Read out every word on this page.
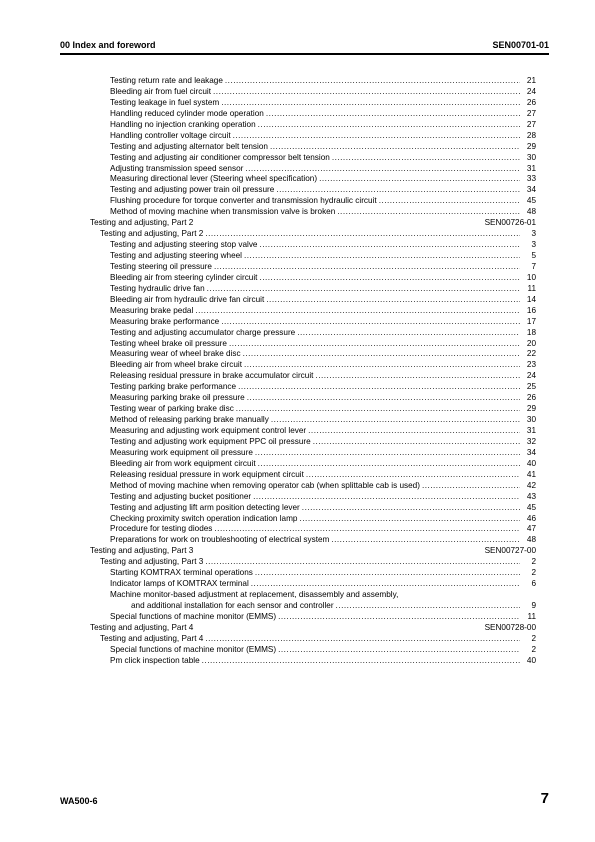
00 Index and foreword	SEN00701-01
Testing return rate and leakage .....	21
Bleeding air from fuel circuit .....	24
Testing leakage in fuel system .....	26
Handling reduced cylinder mode operation .....	27
Handling no injection cranking operation .....	27
Handling controller voltage circuit .....	28
Testing and adjusting alternator belt tension .....	29
Testing and adjusting air conditioner compressor belt tension .....	30
Adjusting transmission speed sensor .....	31
Measuring directional lever (Steering wheel specification) .....	33
Testing and adjusting power train oil pressure .....	34
Flushing procedure for torque converter and transmission hydraulic circuit .....	45
Method of moving machine when transmission valve is broken .....	48
Testing and adjusting, Part 2	SEN00726-01
Testing and adjusting, Part 2 .....	3
Testing and adjusting steering stop valve .....	3
Testing and adjusting steering wheel .....	5
Testing steering oil pressure .....	7
Bleeding air from steering cylinder circuit .....	10
Testing hydraulic drive fan .....	11
Bleeding air from hydraulic drive fan circuit .....	14
Measuring brake pedal .....	16
Measuring brake performance .....	17
Testing and adjusting accumulator charge pressure .....	18
Testing wheel brake oil pressure .....	20
Measuring wear of wheel brake disc .....	22
Bleeding air from wheel brake circuit .....	23
Releasing residual pressure in brake accumulator circuit .....	24
Testing parking brake performance .....	25
Measuring parking brake oil pressure .....	26
Testing wear of parking brake disc .....	29
Method of releasing parking brake manually .....	30
Measuring and adjusting work equipment control lever .....	31
Testing and adjusting work equipment PPC oil pressure .....	32
Measuring work equipment oil pressure .....	34
Bleeding air from work equipment circuit .....	40
Releasing residual pressure in work equipment circuit .....	41
Method of moving machine when removing operator cab (when splittable cab is used) .....	42
Testing and adjusting bucket positioner .....	43
Testing and adjusting lift arm position detecting lever .....	45
Checking proximity switch operation indication lamp .....	46
Procedure for testing diodes .....	47
Preparations for work on troubleshooting of electrical system .....	48
Testing and adjusting, Part 3	SEN00727-00
Testing and adjusting, Part 3 .....	2
Starting KOMTRAX terminal operations .....	2
Indicator lamps of KOMTRAX terminal .....	6
Machine monitor-based adjustment at replacement, disassembly and assembly,
and additional installation for each sensor and controller .....	9
Special functions of machine monitor (EMMS) .....	11
Testing and adjusting, Part 4	SEN00728-00
Testing and adjusting, Part 4 .....	2
Special functions of machine monitor (EMMS) .....	2
Pm click inspection table .....	40
WA500-6	7
